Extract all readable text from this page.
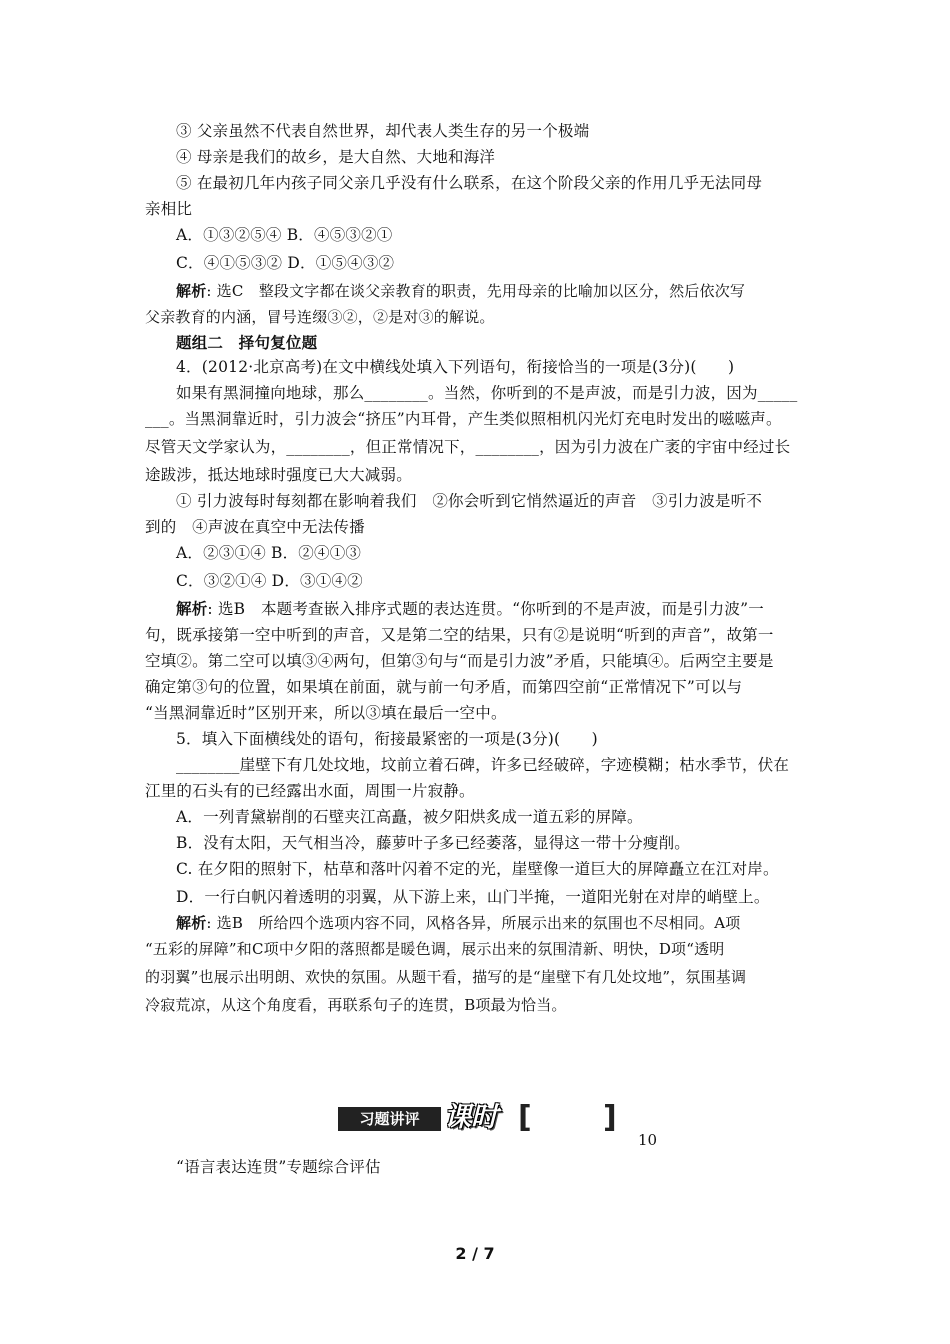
③ 父亲虽然不代表自然世界，却代表人类生存的另一个极端
④ 母亲是我们的故乡，是大自然、大地和海洋
⑤ 在最初几年内孩子同父亲几乎没有什么联系，在这个阶段父亲的作用几乎无法同母
亲相比
A．①③②⑤④ B．④⑤③②①
C．④①⑤③② D．①⑤④③②
解析: 选C　整段文字都在谈父亲教育的职责，先用母亲的比喻加以区分，然后依次写
父亲教育的内涵，冒号连缀③②，②是对③的解说。
题组二　择句复位题
4．(2012·北京高考)在文中横线处填入下列语句，衔接恰当的一项是(3分)(　　)
如果有黑洞撞向地球，那么________。当然，你听到的不是声波，而是引力波，因为_____
___。当黑洞靠近时，引力波会“挤压”内耳骨，产生类似照相机闪光灯充电时发出的嗞嗞声。
尽管天文学家认为，________，但正常情况下，________，因为引力波在广袤的宇宙中经过长
途跋涉，抵达地球时强度已大大减弱。
① 引力波每时每刻都在影响着我们　②你会听到它悄然逼近的声音　③引力波是听不
到的　④声波在真空中无法传播
A．②③①④ B．②④①③
C．③②①④ D．③①④②
解析: 选B　本题考查嵌入排序式题的表达连贯。“你听到的不是声波，而是引力波”一
句，既承接第一空中听到的声音，又是第二空的结果，只有②是说明“听到的声音”，故第一
空填②。第二空可以填③④两句，但第③句与“而是引力波”矛盾，只能填④。后两空主要是
确定第③句的位置，如果填在前面，就与前一句矛盾，而第四空前“正常情况下”可以与
“当黑洞靠近时”区别开来，所以③填在最后一空中。
5．填入下面横线处的语句，衔接最紧密的一项是(3分)(　　)
________崖壁下有几处坟地，坟前立着石碑，许多已经破碎，字迹模糊；枯水季节，伏在
江里的石头有的已经露出水面，周围一片寂静。
A．一列青黛崭削的石壁夹江高矗，被夕阳烘炙成一道五彩的屏障。
B．没有太阳，天气相当冷，藤萝叶子多已经萎落，显得这一带十分瘦削。
C. 在夕阳的照射下，枯草和落叶闪着不定的光，崖壁像一道巨大的屏障矗立在江对岸。
D．一行白帆闪着透明的羽翼，从下游上来，山门半掩，一道阳光射在对岸的峭壁上。
解析: 选B　所给四个选项内容不同，风格各异，所展示出来的氛围也不尽相同。A项
“五彩的屏障”和C项中夕阳的落照都是暖色调，展示出来的氛围清新、明快，D项“透明
的羽翼”也展示出明朗、欢快的氛围。从题干看，描写的是“崖壁下有几处坟地”，氛围基调
冷寂荒凉，从这个角度看，再联系句子的连贯，B项最为恰当。
习题讲评 课时 [ ]
10
“语言表达连贯”专题综合评估
2 / 7
